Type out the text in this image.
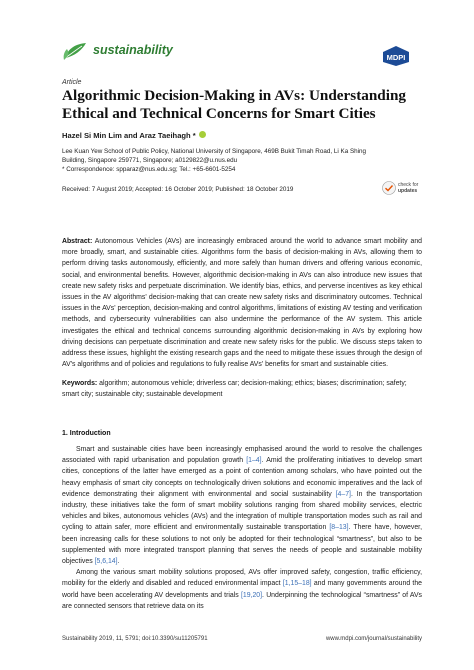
sustainability
MDPI
Article
Algorithmic Decision-Making in AVs: Understanding Ethical and Technical Concerns for Smart Cities
Hazel Si Min Lim and Araz Taeihagh *
Lee Kuan Yew School of Public Policy, National University of Singapore, 469B Bukit Timah Road, Li Ka Shing
Building, Singapore 259771, Singapore; a0129822@u.nus.edu
* Correspondence: spparaz@nus.edu.sg; Tel.: +65-6601-5254
Received: 7 August 2019; Accepted: 16 October 2019; Published: 18 October 2019
check for
updates
Abstract: Autonomous Vehicles (AVs) are increasingly embraced around the world to advance smart mobility and more broadly, smart, and sustainable cities. Algorithms form the basis of decision-making in AVs, allowing them to perform driving tasks autonomously, efficiently, and more safely than human drivers and offering various economic, social, and environmental benefits. However, algorithmic decision-making in AVs can also introduce new issues that create new safety risks and perpetuate discrimination. We identify bias, ethics, and perverse incentives as key ethical issues in the AV algorithms' decision-making that can create new safety risks and discriminatory outcomes. Technical issues in the AVs' perception, decision-making and control algorithms, limitations of existing AV testing and verification methods, and cybersecurity vulnerabilities can also undermine the performance of the AV system. This article investigates the ethical and technical concerns surrounding algorithmic decision-making in AVs by exploring how driving decisions can perpetuate discrimination and create new safety risks for the public. We discuss steps taken to address these issues, highlight the existing research gaps and the need to mitigate these issues through the design of AV's algorithms and of policies and regulations to fully realise AVs' benefits for smart and sustainable cities.
Keywords: algorithm; autonomous vehicle; driverless car; decision-making; ethics; biases; discrimination; safety; smart city; sustainable city; sustainable development
1. Introduction

Smart and sustainable cities have been increasingly emphasised around the world to resolve the challenges associated with rapid urbanisation and population growth [1–4]. Amid the proliferating initiatives to develop smart cities, conceptions of the latter have emerged as a point of contention among scholars, who have pointed out the heavy emphasis of smart city concepts on technologically driven solutions and economic imperatives and the lack of evidence demonstrating their alignment with environmental and social sustainability [4–7]. In the transportation industry, these initiatives take the form of smart mobility solutions ranging from shared mobility services, electric vehicles and bikes, autonomous vehicles (AVs) and the integration of multiple transportation modes such as rail and cycling to attain safer, more efficient and environmentally sustainable transportation [8–13]. There have, however, been increasing calls for these solutions to not only be adopted for their technological “smartness”, but also to be supplemented with more integrated transport planning that serves the needs of people and sustainable mobility objectives [5,6,14].

Among the various smart mobility solutions proposed, AVs offer improved safety, congestion, traffic efficiency, mobility for the elderly and disabled and reduced environmental impact [1,15–18] and many governments around the world have been accelerating AV developments and trials [19,20]. Underpinning the technological “smartness” of AVs are connected sensors that retrieve data on its

Sustainability 2019, 11, 5791; doi:10.3390/su11205791	www.mdpi.com/journal/sustainability
